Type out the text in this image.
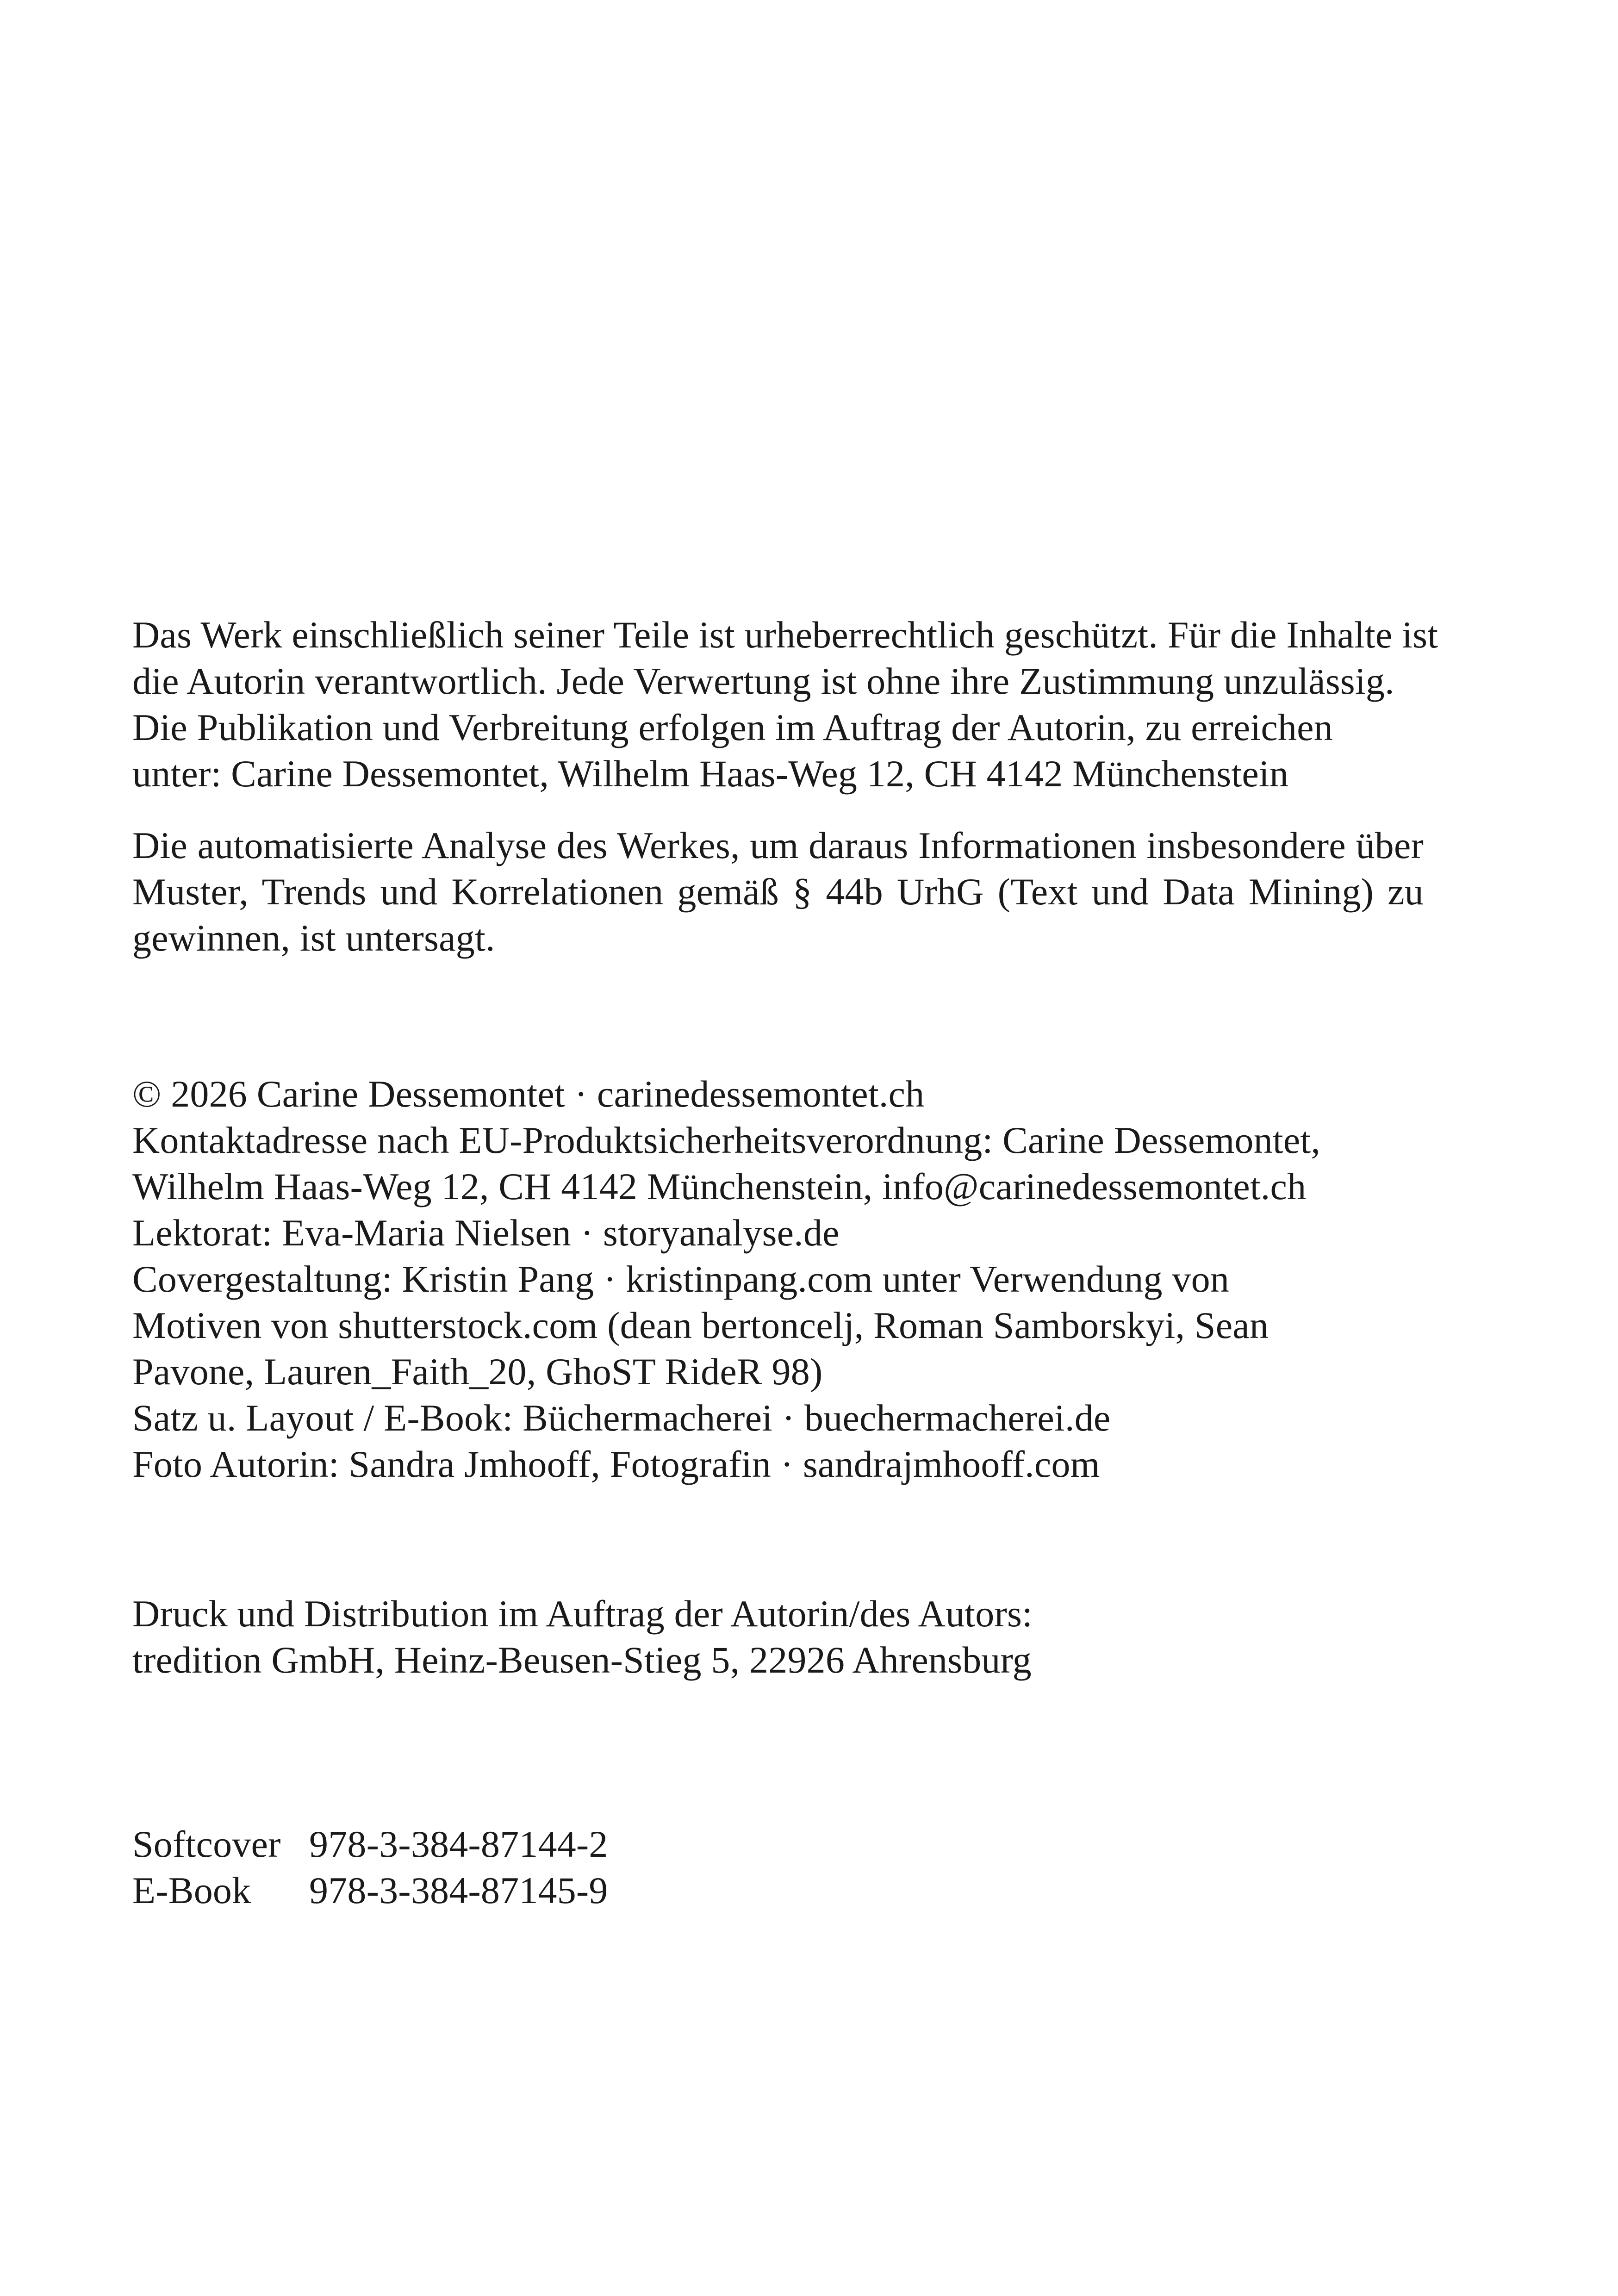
Das Werk einschließlich seiner Teile ist urheberrechtlich geschützt. Für die Inhalte ist
die Autorin verantwortlich. Jede Verwertung ist ohne ihre Zustimmung unzulässig.
Die Publikation und Verbreitung erfolgen im Auftrag der Autorin, zu erreichen
unter: Carine Dessemontet, Wilhelm Haas-Weg 12, CH 4142 Münchenstein

Die automatisierte Analyse des Werkes, um daraus Informationen insbesondere über Muster, Trends und Korrelationen gemäß § 44b UrhG (Text und Data Mining) zu gewinnen, ist untersagt.

© 2026 Carine Dessemontet · carinedessemontet.ch
Kontaktadresse nach EU-Produktsicherheitsverordnung: Carine Dessemontet,
Wilhelm Haas-Weg 12, CH 4142 Münchenstein, info@carinedessemontet.ch
Lektorat: Eva-Maria Nielsen · storyanalyse.de
Covergestaltung: Kristin Pang · kristinpang.com unter Verwendung von
Motiven von shutterstock.com (dean bertoncelj, Roman Samborskyi, Sean
Pavone, Lauren_Faith_20, GhoST RideR 98)
Satz u. Layout / E-Book: Büchermacherei · buechermacherei.de
Foto Autorin: Sandra Jmhooff, Fotografin · sandrajmhooff.com
Druck und Distribution im Auftrag der Autorin/des Autors:
tredition GmbH, Heinz-Beusen-Stieg 5, 22926 Ahrensburg
Softcover 978-3-384-87144-2
E-Book	978-3-384-87145-9
